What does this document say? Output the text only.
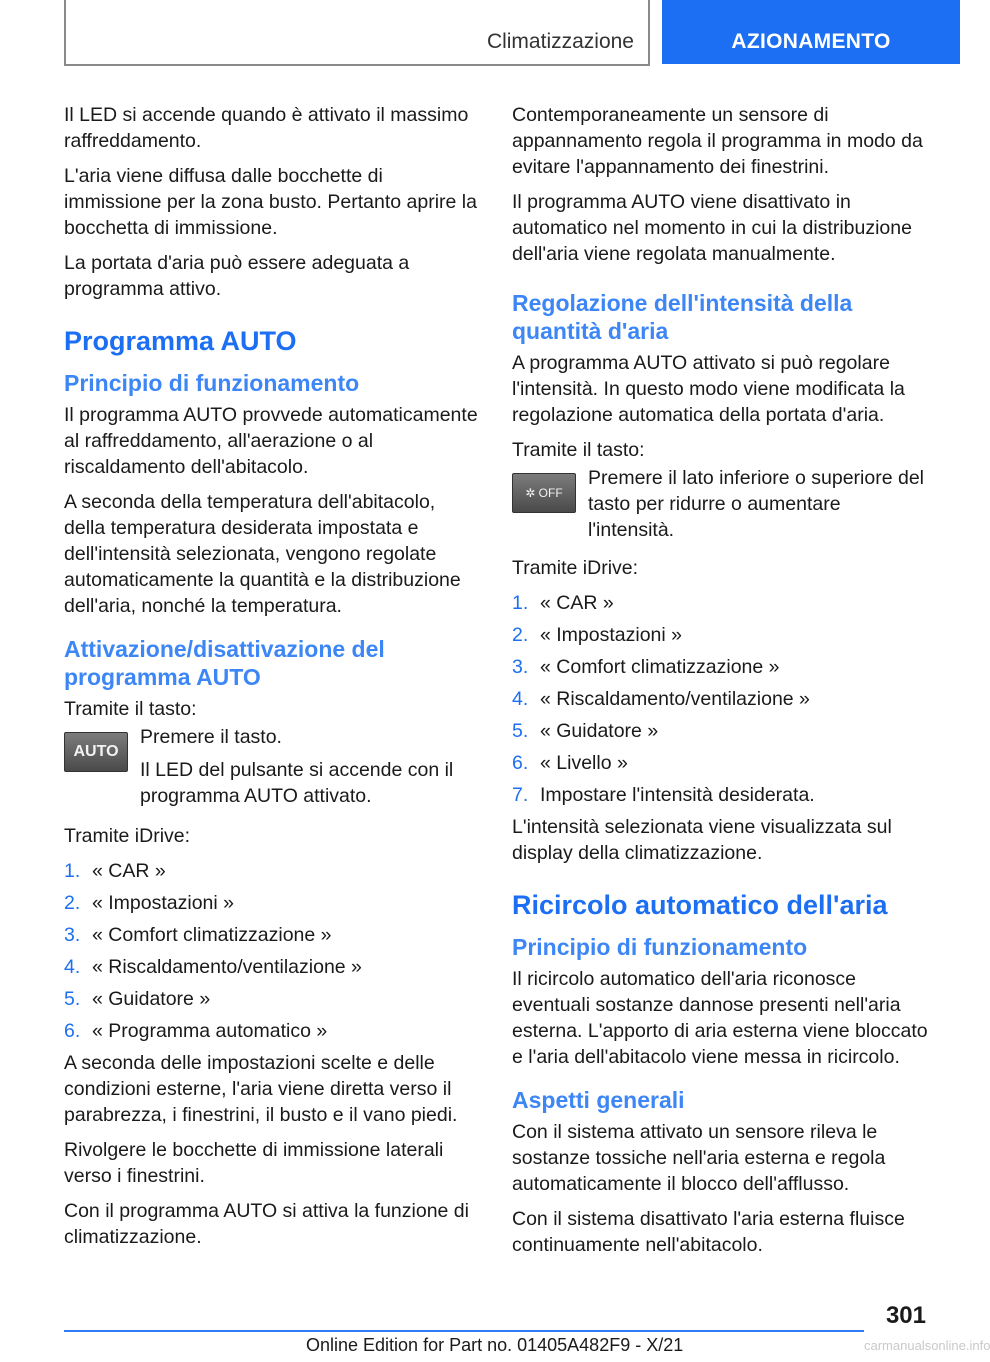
Climatizzazione	AZIONAMENTO

Il LED si accende quando è attivato il massimo raffreddamento.

L'aria viene diffusa dalle bocchette di immissione per la zona busto. Pertanto aprire la bocchetta di immissione.

La portata d'aria può essere adeguata a programma attivo.

Programma AUTO
Principio di funzionamento

Il programma AUTO provvede automaticamente al raffreddamento, all'aerazione o al riscaldamento dell'abitacolo.

A seconda della temperatura dell'abitacolo, della temperatura desiderata impostata e dell'intensità selezionata, vengono regolate automaticamente la quantità e la distribuzione dell'aria, nonché la temperatura.

Attivazione/disattivazione del programma AUTO

Tramite il tasto:

AUTO

Premere il tasto.

Il LED del pulsante si accende con il programma AUTO attivato.

Tramite iDrive:

1. « CAR »
2. « Impostazioni »
3. « Comfort climatizzazione »
4. « Riscaldamento/ventilazione »
5. « Guidatore »
6. « Programma automatico »

A seconda delle impostazioni scelte e delle condizioni esterne, l'aria viene diretta verso il parabrezza, i finestrini, il busto e il vano piedi.

Rivolgere le bocchette di immissione laterali verso i finestrini.

Con il programma AUTO si attiva la funzione di climatizzazione.

Contemporaneamente un sensore di appannamento regola il programma in modo da evitare l'appannamento dei finestrini.

Il programma AUTO viene disattivato in automatico nel momento in cui la distribuzione dell'aria viene regolata manualmente.

Regolazione dell'intensità della quantità d'aria

A programma AUTO attivato si può regolare l'intensità. In questo modo viene modificata la regolazione automatica della portata d'aria.

Tramite il tasto:

✲ OFF

Premere il lato inferiore o superiore del tasto per ridurre o aumentare l'intensità.

Tramite iDrive:

1. « CAR »
2. « Impostazioni »
3. « Comfort climatizzazione »
4. « Riscaldamento/ventilazione »
5. « Guidatore »
6. « Livello »
7. Impostare l'intensità desiderata.

L'intensità selezionata viene visualizzata sul display della climatizzazione.

Ricircolo automatico dell'aria
Principio di funzionamento

Il ricircolo automatico dell'aria riconosce eventuali sostanze dannose presenti nell'aria esterna. L'apporto di aria esterna viene bloccato e l'aria dell'abitacolo viene messa in ricircolo.

Aspetti generali

Con il sistema attivato un sensore rileva le sostanze tossiche nell'aria esterna e regola automaticamente il blocco dell'afflusso.

Con il sistema disattivato l'aria esterna fluisce continuamente nell'abitacolo.

301
Online Edition for Part no. 01405A482F9 - X/21	carmanualsonline.info
